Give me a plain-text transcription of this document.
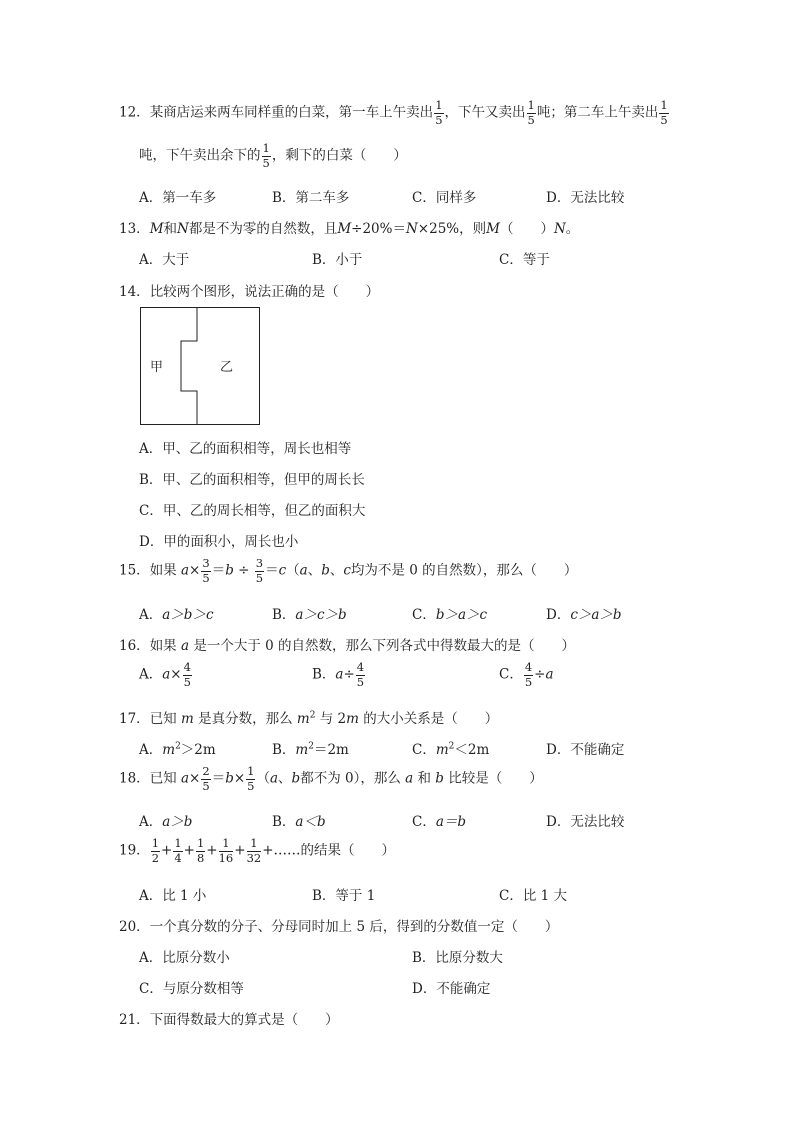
12．某商店运来两车同样重的白菜，第一车上午卖出 $\frac{1}{5}$ ，下午又卖出 $\frac{1}{5}$ 吨；第二车上午卖出 $\frac{1}{5}$
吨，下午卖出余下的 $\frac{1}{5}$ ，剩下的白菜（　　）
A．第一车多	B．第二车多	C．同样多	D．无法比较
13．M和N都是不为零的自然数，且M÷20%＝N×25%，则M（　　）N。
A．大于	B．小于	C．等于
14．比较两个图形，说法正确的是（　　）
甲	乙
A．甲、乙的面积相等，周长也相等
B．甲、乙的面积相等，但甲的周长长
C．甲、乙的周长相等，但乙的面积大
D．甲的面积小，周长也小
15．如果 $a\times \frac{3}{5} =b \div \frac{3}{5} =c(a$、b、c均为不是 0 的自然数），那么（　　）
A．a＞b＞c	B．a＞c＞b	C．b＞a＞c	D．c＞a＞b
16．如果 a 是一个大于 0 的自然数，那么下列各式中得数最大的是（　　）
A．$a\times \frac{4}{5}$	B．$a\div \frac{4}{5}$	C． $\frac{4}{5} \div a$
17．已知 m 是真分数，那么 $m^2$ 与 2m 的大小关系是（　　）
A．$m^2>2m$	B．$m^2=2m$	C．$m^2<2m$	D．不能确定
18．已知 $a\times \frac{2}{5} =b\times \frac{1}{5} (a$、b都不为 0），那么 a 和 b 比较是（　　）
A．a＞b	B．a＜b	C．a＝b	D．无法比较
19． $\frac{1}{2} + \frac{1}{4} + \frac{1}{8} + \frac{1}{16} + \frac{1}{32}$ +……的结果（　　）
A．比 1 小	B．等于 1	C．比 1 大
20．一个真分数的分子、分母同时加上 5 后，得到的分数值一定（　　）
A．比原分数小	B．比原分数大
C．与原分数相等	D．不能确定
21．下面得数最大的算式是（　　）
